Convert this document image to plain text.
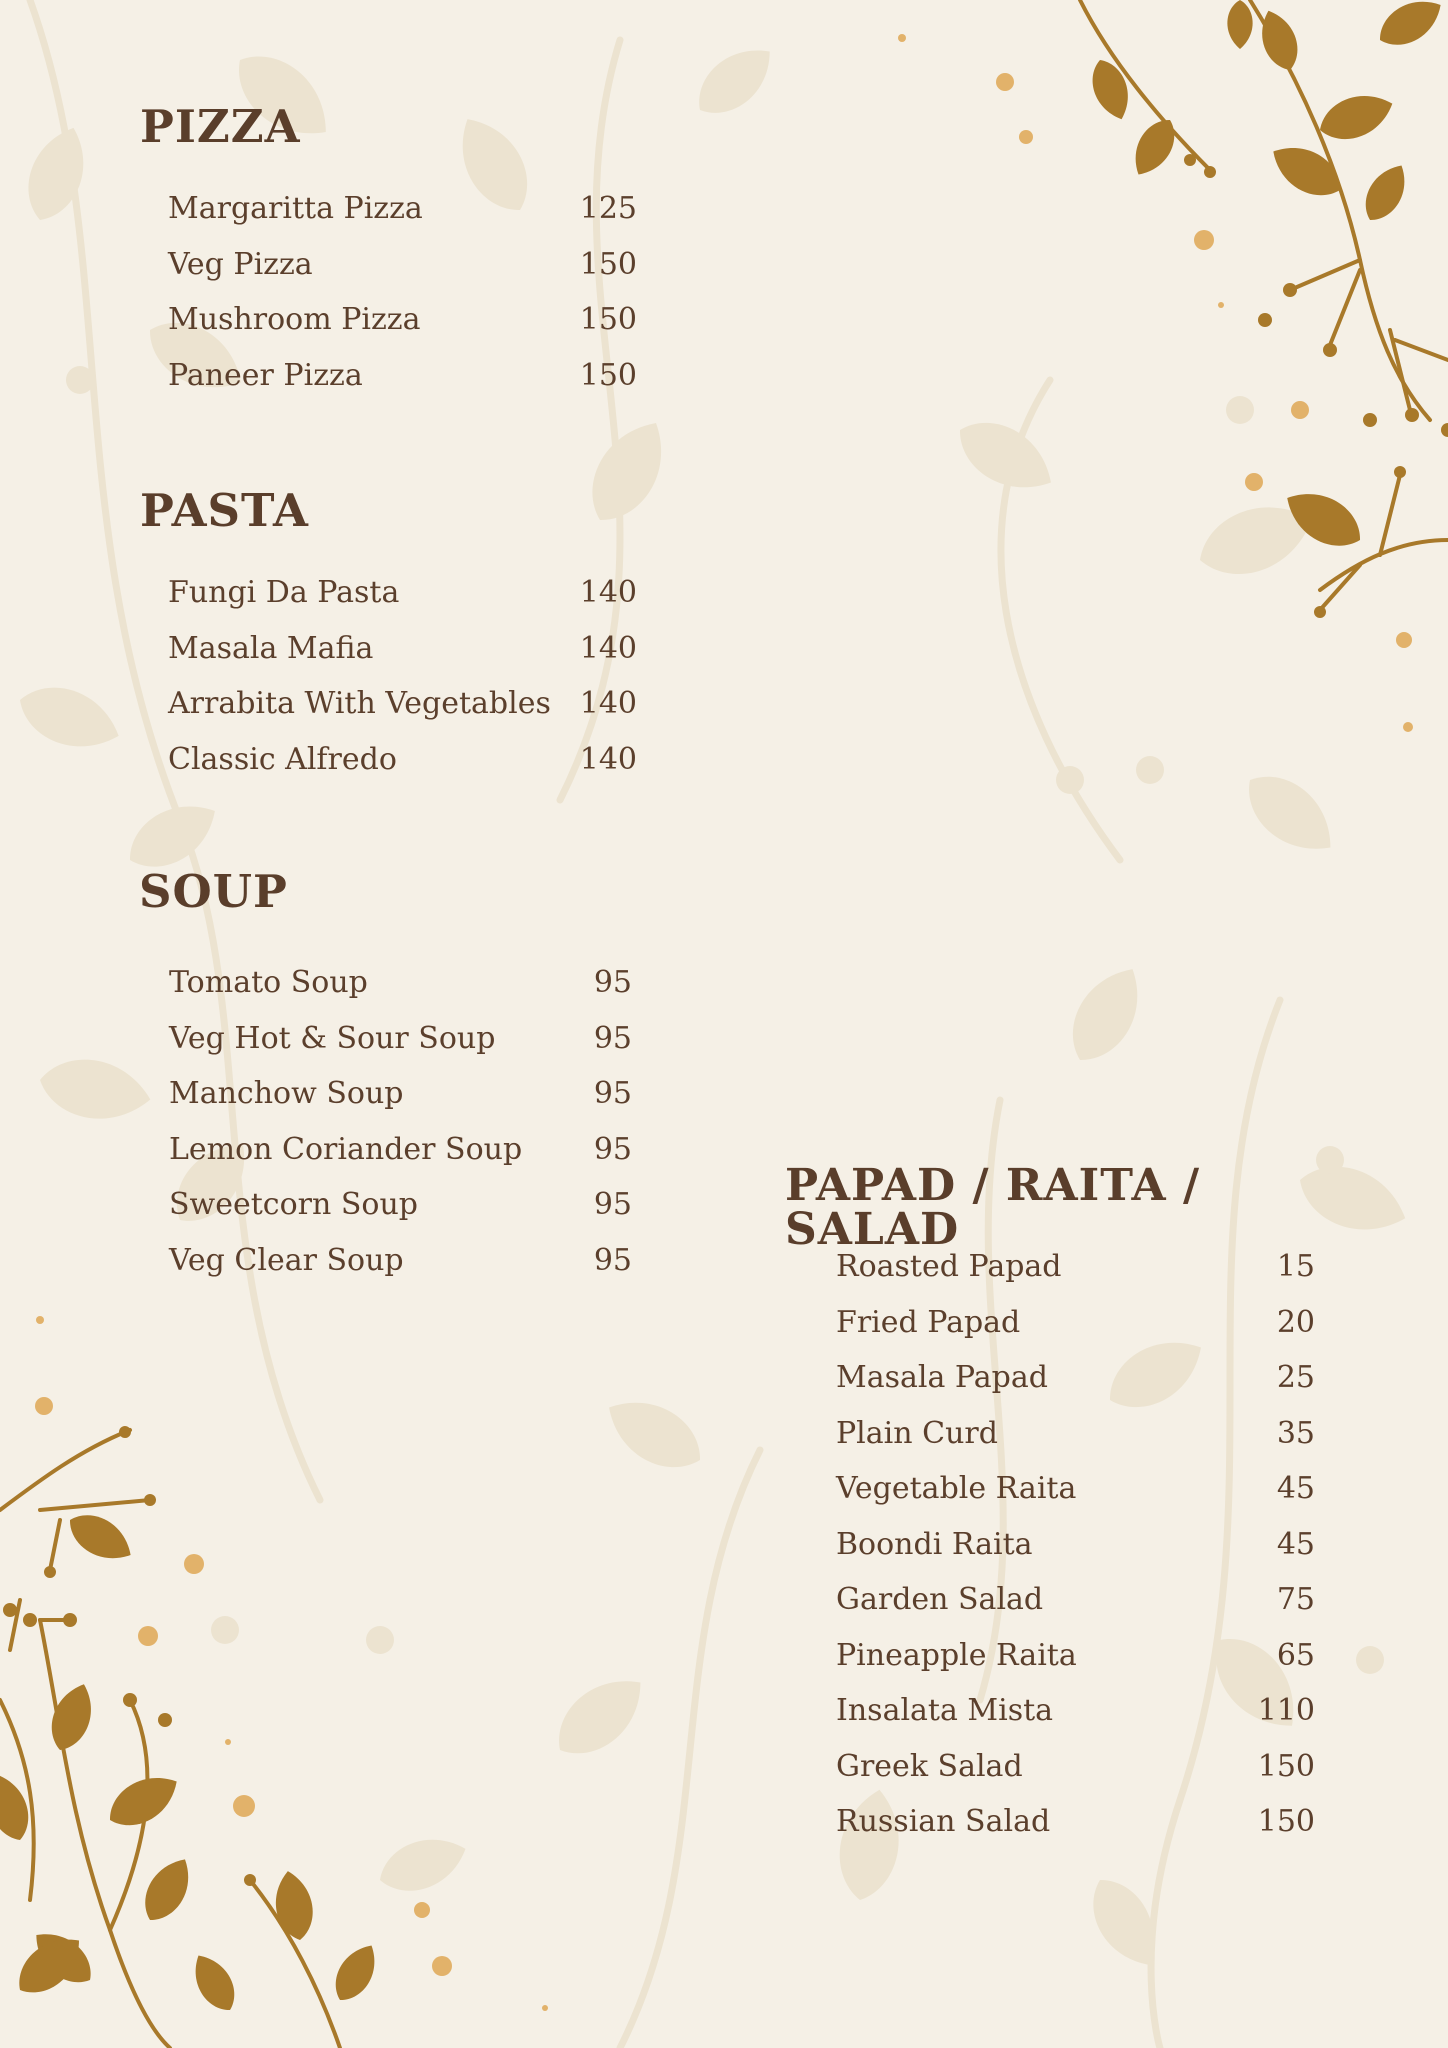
PIZZA
Margaritta Pizza	125
Veg Pizza	150
Mushroom Pizza	150
Paneer Pizza	150
PASTA
Fungi Da Pasta	140
Masala Mafia	140
Arrabita With Vegetables 140
Classic Alfredo	140
SOUP
Tomato Soup	95
Veg Hot & Sour Soup	95
Manchow Soup	95
Lemon Coriander Soup 95
Sweetcorn Soup	95
Veg Clear Soup	95
PAPAD / RAITA / SALAD
Roasted Papad	15
Fried Papad	20
Masala Papad	25
Plain Curd	35
Vegetable Raita	45
Boondi Raita	45
Garden Salad	75
Pineapple Raita	65
Insalata Mista	110
Greek Salad	150
Russian Salad	150
